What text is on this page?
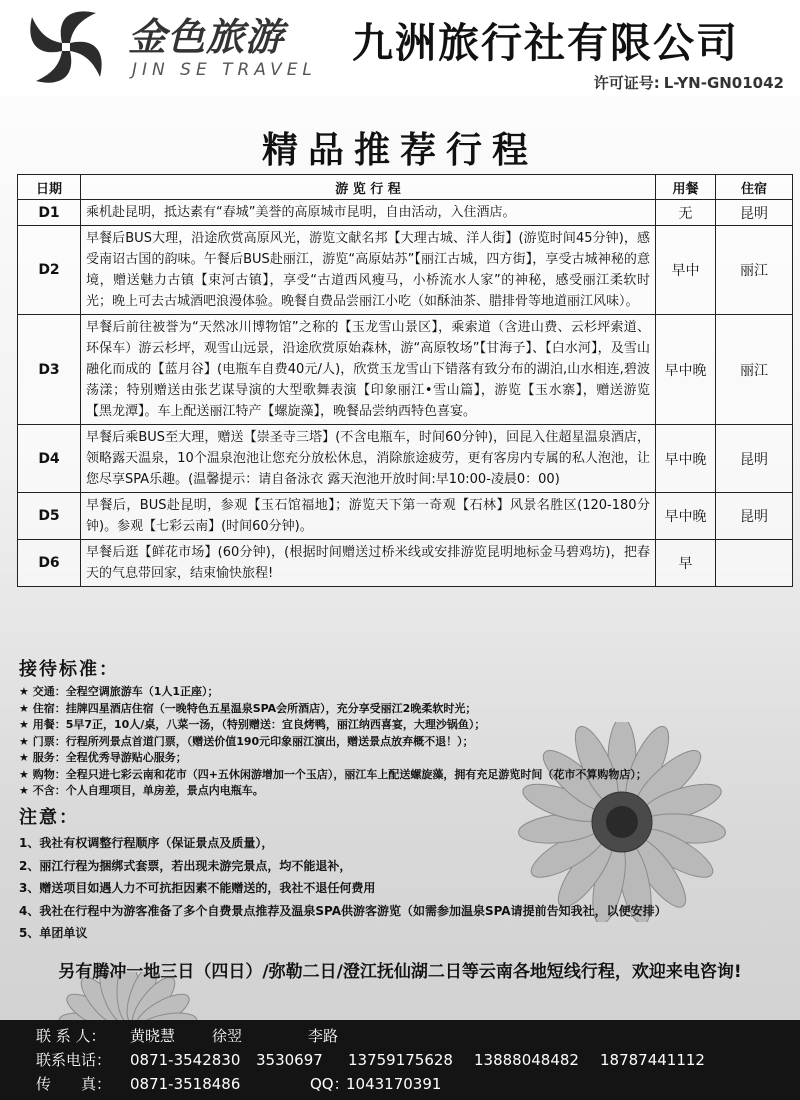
金色旅游
JIN SE TRAVEL
九洲旅行社有限公司
许可证号: L-YN-GN01042
精品推荐行程
日期	游 览 行 程	用餐	住宿
D1	乘机赴昆明，抵达素有“春城”美誉的高原城市昆明，自由活动，入住酒店。	无	昆明
D2	早餐后BUS大理，沿途欣赏高原风光，游览文献名邦【大理古城、洋人街】(游览时间45分钟)，感受南诏古国的韵味。午餐后BUS赴丽江，游览“高原姑苏”【丽江古城，四方街】，享受古城神秘的意境，赠送魅力古镇【束河古镇】，享受“古道西风瘦马，小桥流水人家”的神秘，感受丽江柔软时光；晚上可去古城酒吧浪漫体验。晚餐自费品尝丽江小吃（如酥油茶、腊排骨等地道丽江风味）。	早中	丽江
D3	早餐后前往被誉为“天然冰川博物馆”之称的【玉龙雪山景区】，乘索道（含进山费、云杉坪索道、环保车）游云杉坪，观雪山远景，沿途欣赏原始森林，游“高原牧场”【甘海子】、【白水河】，及雪山融化而成的【蓝月谷】(电瓶车自费40元/人)，欣赏玉龙雪山下错落有致分布的湖泊,山水相连,碧波荡漾；特别赠送由张艺谋导演的大型歌舞表演【印象丽江•雪山篇】，游览【玉水寨】，赠送游览【黑龙潭】。车上配送丽江特产【螺旋藻】，晚餐品尝纳西特色喜宴。	早中晚	丽江
D4	早餐后乘BUS至大理，赠送【崇圣寺三塔】(不含电瓶车，时间60分钟)，回昆入住超星温泉酒店，领略露天温泉，10个温泉泡池让您充分放松休息，消除旅途疲劳，更有客房内专属的私人泡池，让您尽享SPA乐趣。(温馨提示：请自备泳衣 露天泡池开放时间:早10:00-凌晨0：00)	早中晚	昆明
D5	早餐后，BUS赴昆明，参观【玉石馆福地】；游览天下第一奇观【石林】风景名胜区(120-180分钟)。参观【七彩云南】(时间60分钟)。	早中晚	昆明
D6	早餐后逛【鲜花市场】(60分钟)，(根据时间赠送过桥米线或安排游览昆明地标金马碧鸡坊)，把春天的气息带回家，结束愉快旅程!	早	
接待标准：
★ 交通：全程空调旅游车（1人1正座）；
★ 住宿：挂牌四星酒店住宿（一晚特色五星温泉SPA会所酒店），充分享受丽江2晚柔软时光；
★ 用餐：5早7正，10人/桌，八菜一汤，（特别赠送：宜良烤鸭，丽江纳西喜宴，大理沙锅鱼）；
★ 门票：行程所列景点首道门票，（赠送价值190元印象丽江演出，赠送景点放弃概不退！）；
★ 服务：全程优秀导游贴心服务；
★ 购物：全程只进七彩云南和花市（四+五休闲游增加一个玉店），丽江车上配送螺旋藻，拥有充足游览时间（花市不算购物店）；
★ 不含：个人自理项目，单房差，景点内电瓶车。
注意：
1、我社有权调整行程顺序（保证景点及质量），
2、丽江行程为捆绑式套票，若出现未游完景点，均不能退补，
3、赠送项目如遇人力不可抗拒因素不能赠送的，我社不退任何费用
4、我社在行程中为游客准备了多个自费景点推荐及温泉SPA供游客游览（如需参加温泉SPA请提前告知我社，以便安排）
5、单团单议
另有腾冲一地三日（四日）/弥勒二日/澄江抚仙湖二日等云南各地短线行程，欢迎来电咨询!
联 系 人： 黄晓慧 徐翌	李路
联系电话： 0871-3542830 3530697 13759175628 13888048482 18787441112
传　　真： 0871-3518486	QQ：1043170391
